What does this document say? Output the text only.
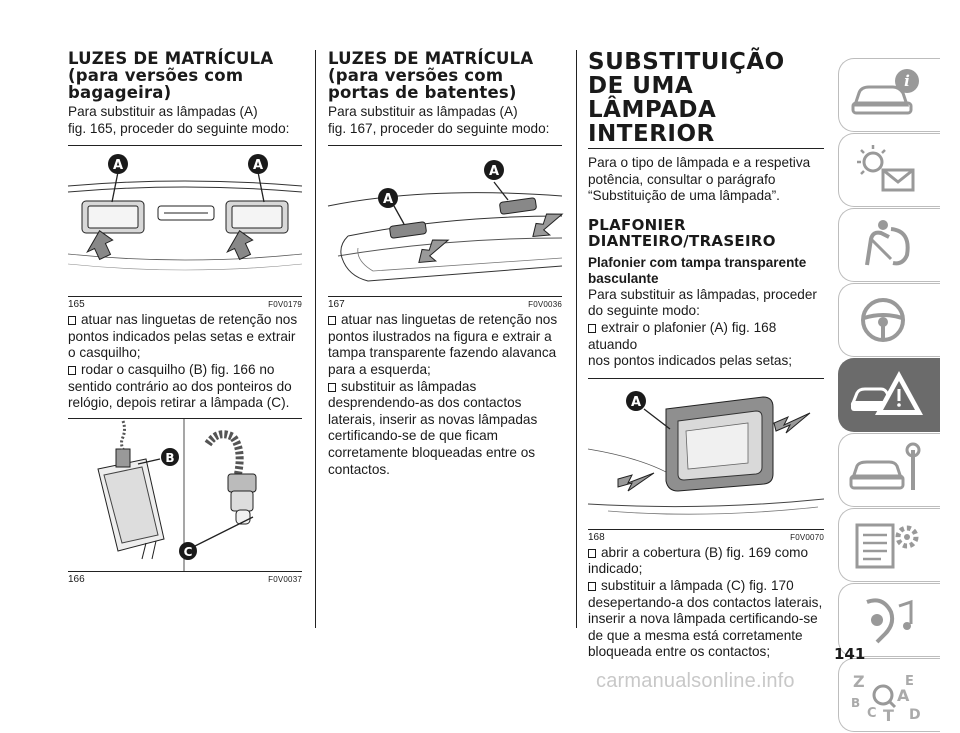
LUZES DE MATRÍCULA
(para versões com
bagageira)

Para substituir as lâmpadas (A)
fig. 165, proceder do seguinte modo:

A	A
165	F0V0179
atuar nas linguetas de retenção nos
pontos indicados pelas setas e extrair
o casquilho;
rodar o casquilho (B) fig. 166 no
sentido contrário ao dos ponteiros do
relógio, depois retirar a lâmpada (C).
B
C
166	F0V0037
LUZES DE MATRÍCULA
(para versões com
portas de batentes)

Para substituir as lâmpadas (A)
fig. 167, proceder do seguinte modo:

A
A
167	F0V0036
atuar nas linguetas de retenção nos
pontos ilustrados na figura e extrair a
tampa transparente fazendo alavanca
para a esquerda;
substituir as lâmpadas
desprendendo-as dos contactos
laterais, inserir as novas lâmpadas
certificando-se de que ficam
corretamente bloqueadas entre os
contactos.
SUBSTITUIÇÃO
DE UMA LÂMPADA
INTERIOR

Para o tipo de lâmpada e a respetiva
potência, consultar o parágrafo
“Substituição de uma lâmpada”.

PLAFONIER
DIANTEIRO/TRASEIRO
Plafonier com tampa transparente
basculante

Para substituir as lâmpadas, proceder
do seguinte modo:

extrair o plafonier (A) fig. 168 atuando
nos pontos indicados pelas setas;
A
168	F0V0070
abrir a cobertura (B) fig. 169 como
indicado;
substituir a lâmpada (C) fig. 170
desepertando-a dos contactos laterais,
inserir a nova lâmpada certificando-se
de que a mesma está corretamente
bloqueada entre os contactos;
i
Z	E
A
B
C T D
141
carmanualsonline.info
